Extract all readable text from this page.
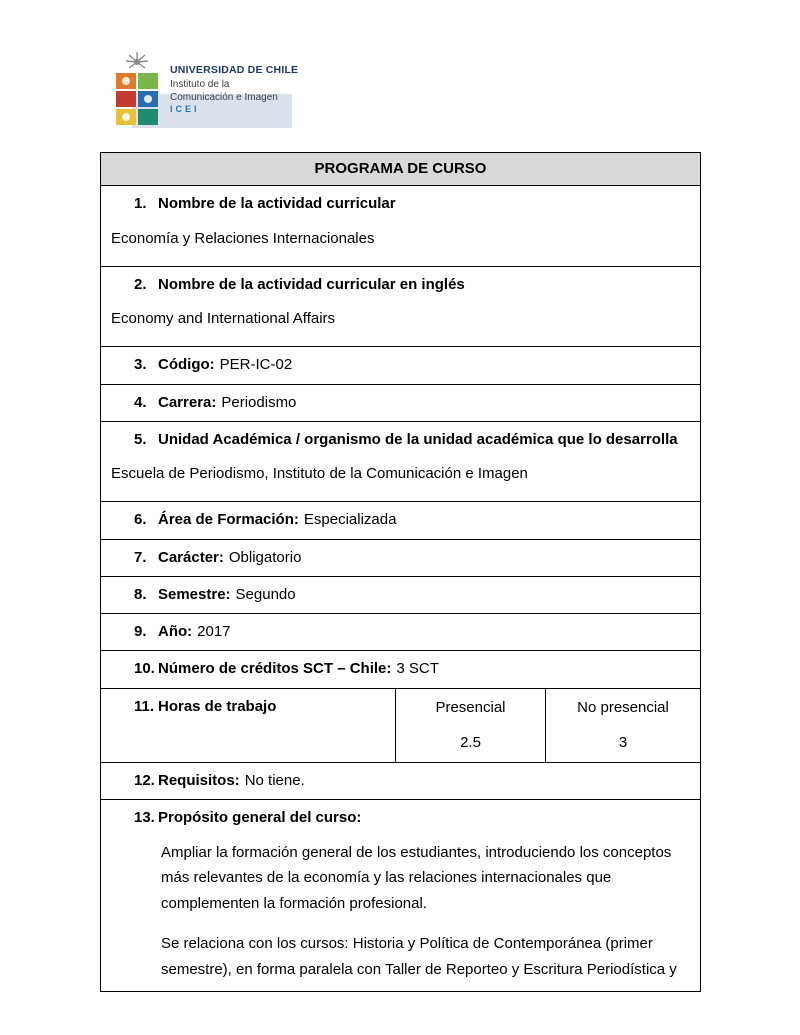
UNIVERSIDAD DE CHILE
Instituto de la
Comunicación e Imagen
ICEI
PROGRAMA DE CURSO
1. Nombre de la actividad curricular
Economía y Relaciones Internacionales
2. Nombre de la actividad curricular en inglés
Economy and International Affairs
3. Código: PER-IC-02
4. Carrera: Periodismo
5. Unidad Académica / organismo de la unidad académica que lo desarrolla
Escuela de Periodismo, Instituto de la Comunicación e Imagen
6. Área de Formación: Especializada
7. Carácter: Obligatorio
8. Semestre: Segundo
9. Año: 2017
10. Número de créditos SCT – Chile: 3 SCT
11. Horas de trabajo	Presencial
2.5
No presencial
3
12. Requisitos: No tiene.
13. Propósito general del curso:

Ampliar la formación general de los estudiantes, introduciendo los conceptos más relevantes de la economía y las relaciones internacionales que complementen la formación profesional.

Se relaciona con los cursos: Historia y Política de Contemporánea (primer semestre), en forma paralela con Taller de Reporteo y Escritura Periodística y
